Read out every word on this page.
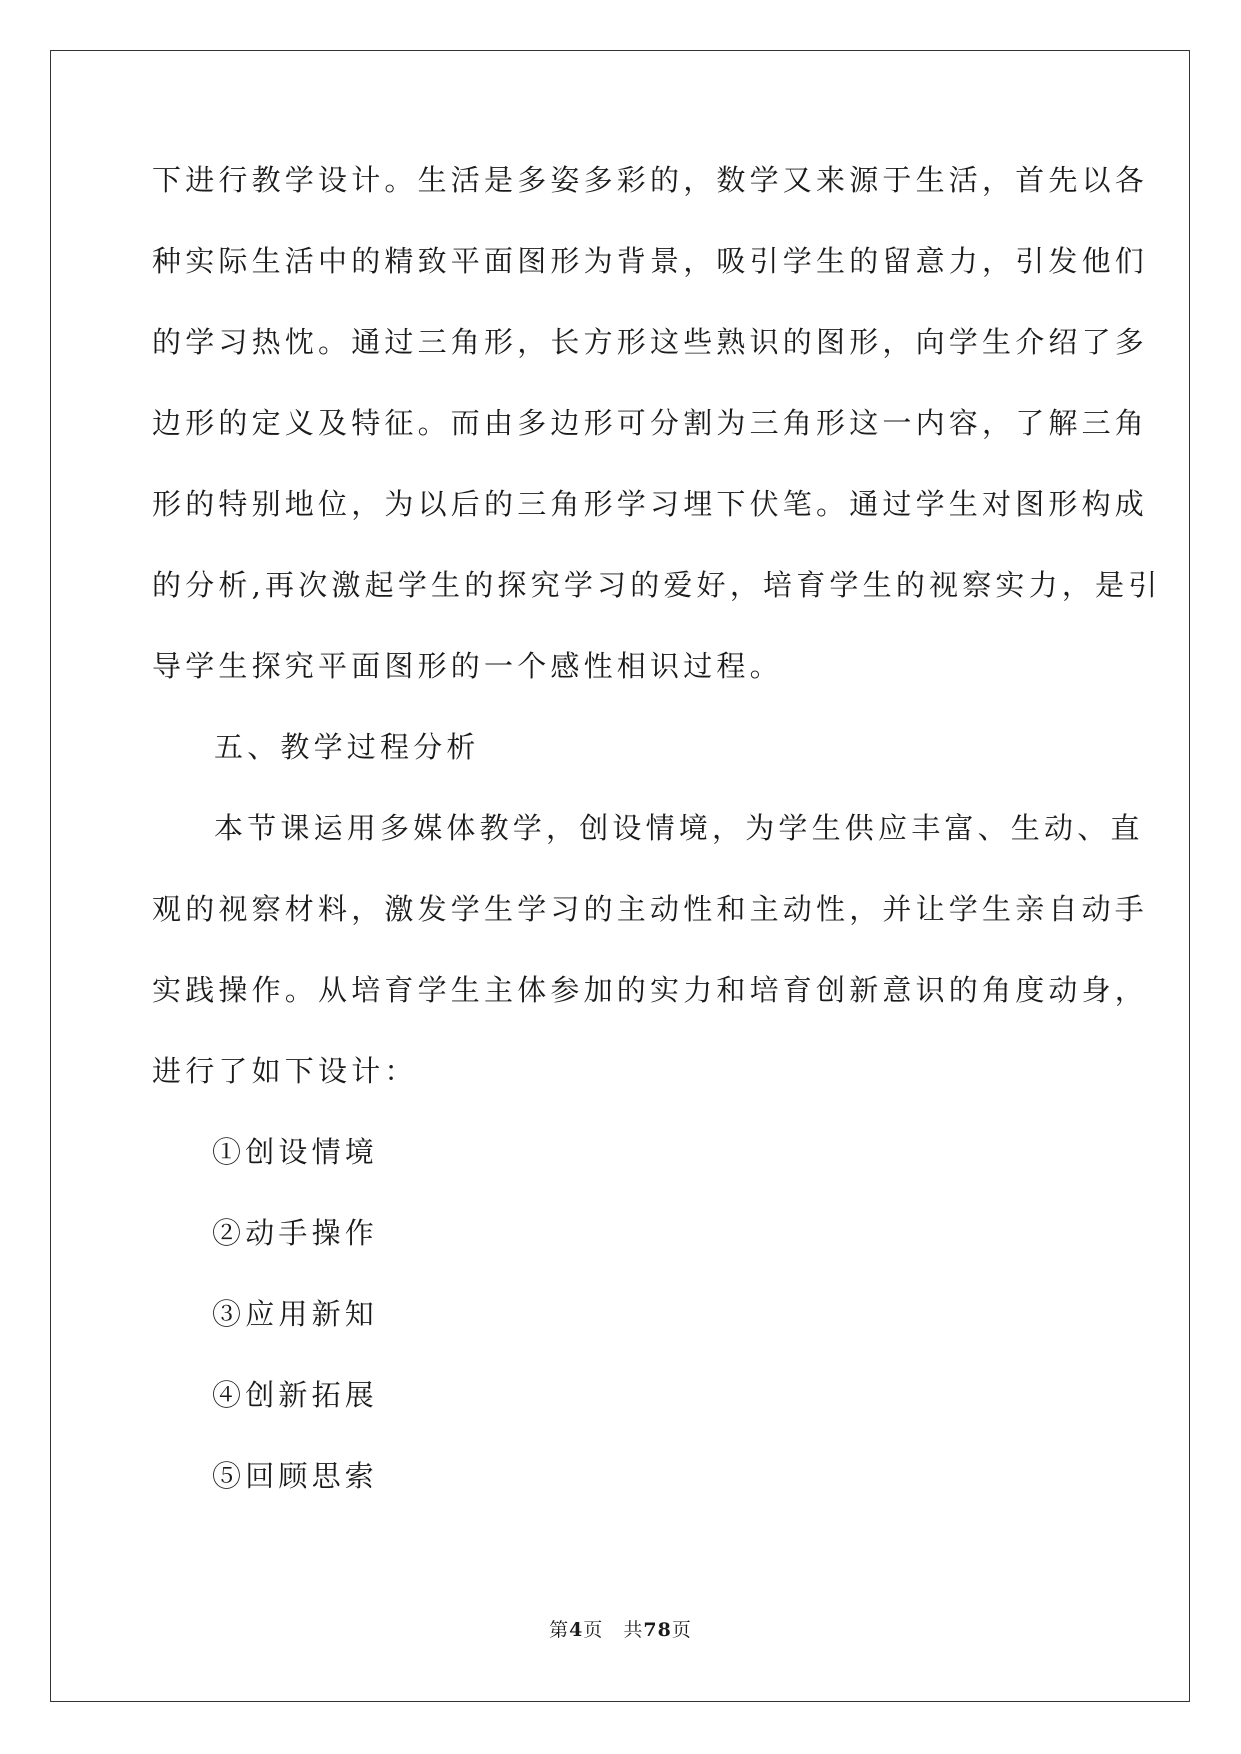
下进行教学设计。生活是多姿多彩的，数学又来源于生活，首先以各

种实际生活中的精致平面图形为背景，吸引学生的留意力，引发他们

的学习热忱。通过三角形，长方形这些熟识的图形，向学生介绍了多

边形的定义及特征。而由多边形可分割为三角形这一内容，了解三角

形的特别地位，为以后的三角形学习埋下伏笔。通过学生对图形构成

的分析,再次激起学生的探究学习的爱好，培育学生的视察实力，是引

导学生探究平面图形的一个感性相识过程。

五、教学过程分析

本节课运用多媒体教学，创设情境，为学生供应丰富、生动、直

观的视察材料，激发学生学习的主动性和主动性，并让学生亲自动手

实践操作。从培育学生主体参加的实力和培育创新意识的角度动身，

进行了如下设计：

①创设情境

②动手操作

③应用新知

④创新拓展

⑤回顾思索

第4页 共78页
